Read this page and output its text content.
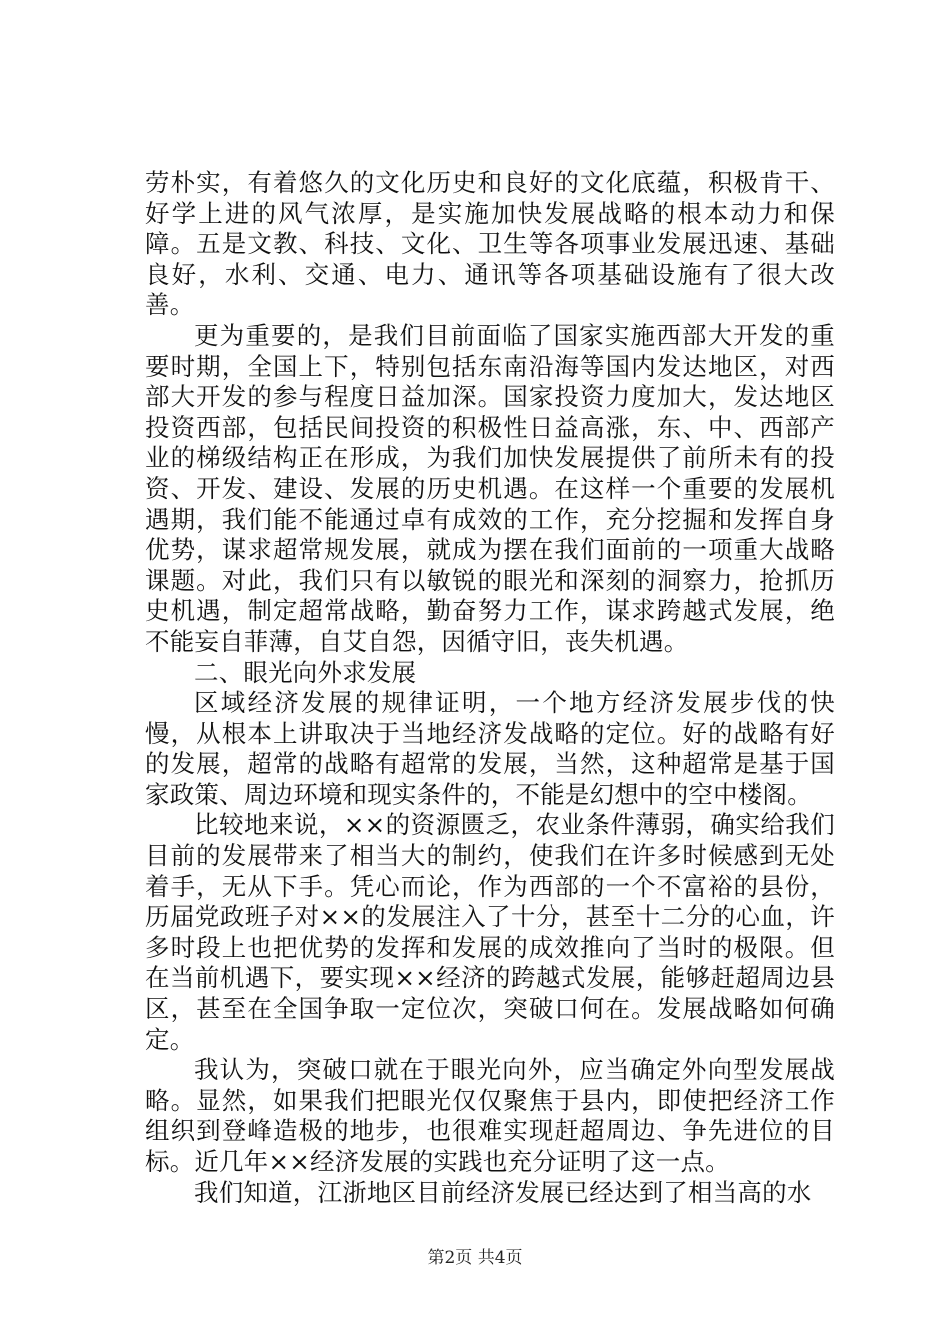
劳朴实，有着悠久的文化历史和良好的文化底蕴，积极肯干、好学上进的风气浓厚，是实施加快发展战略的根本动力和保障。五是文教、科技、文化、卫生等各项事业发展迅速、基础良好，水利、交通、电力、通讯等各项基础设施有了很大改善。

更为重要的，是我们目前面临了国家实施西部大开发的重要时期，全国上下，特别包括东南沿海等国内发达地区，对西部大开发的参与程度日益加深。国家投资力度加大，发达地区投资西部，包括民间投资的积极性日益高涨，东、中、西部产业的梯级结构正在形成，为我们加快发展提供了前所未有的投资、开发、建设、发展的历史机遇。在这样一个重要的发展机遇期，我们能不能通过卓有成效的工作，充分挖掘和发挥自身优势，谋求超常规发展，就成为摆在我们面前的一项重大战略课题。对此，我们只有以敏锐的眼光和深刻的洞察力，抢抓历史机遇，制定超常战略，勤奋努力工作，谋求跨越式发展，绝不能妄自菲薄，自艾自怨，因循守旧，丧失机遇。

二、眼光向外求发展

区域经济发展的规律证明，一个地方经济发展步伐的快慢，从根本上讲取决于当地经济发战略的定位。好的战略有好的发展，超常的战略有超常的发展，当然，这种超常是基于国家政策、周边环境和现实条件的，不能是幻想中的空中楼阁。

比较地来说，××的资源匮乏，农业条件薄弱，确实给我们目前的发展带来了相当大的制约，使我们在许多时候感到无处着手，无从下手。凭心而论，作为西部的一个不富裕的县份，历届党政班子对××的发展注入了十分，甚至十二分的心血，许多时段上也把优势的发挥和发展的成效推向了当时的极限。但在当前机遇下，要实现××经济的跨越式发展，能够赶超周边县区，甚至在全国争取一定位次，突破口何在。发展战略如何确定。

我认为，突破口就在于眼光向外，应当确定外向型发展战略。显然，如果我们把眼光仅仅聚焦于县内，即使把经济工作组织到登峰造极的地步，也很难实现赶超周边、争先进位的目标。近几年××经济发展的实践也充分证明了这一点。

我们知道，江浙地区目前经济发展已经达到了相当高的水

第2页 共4页
